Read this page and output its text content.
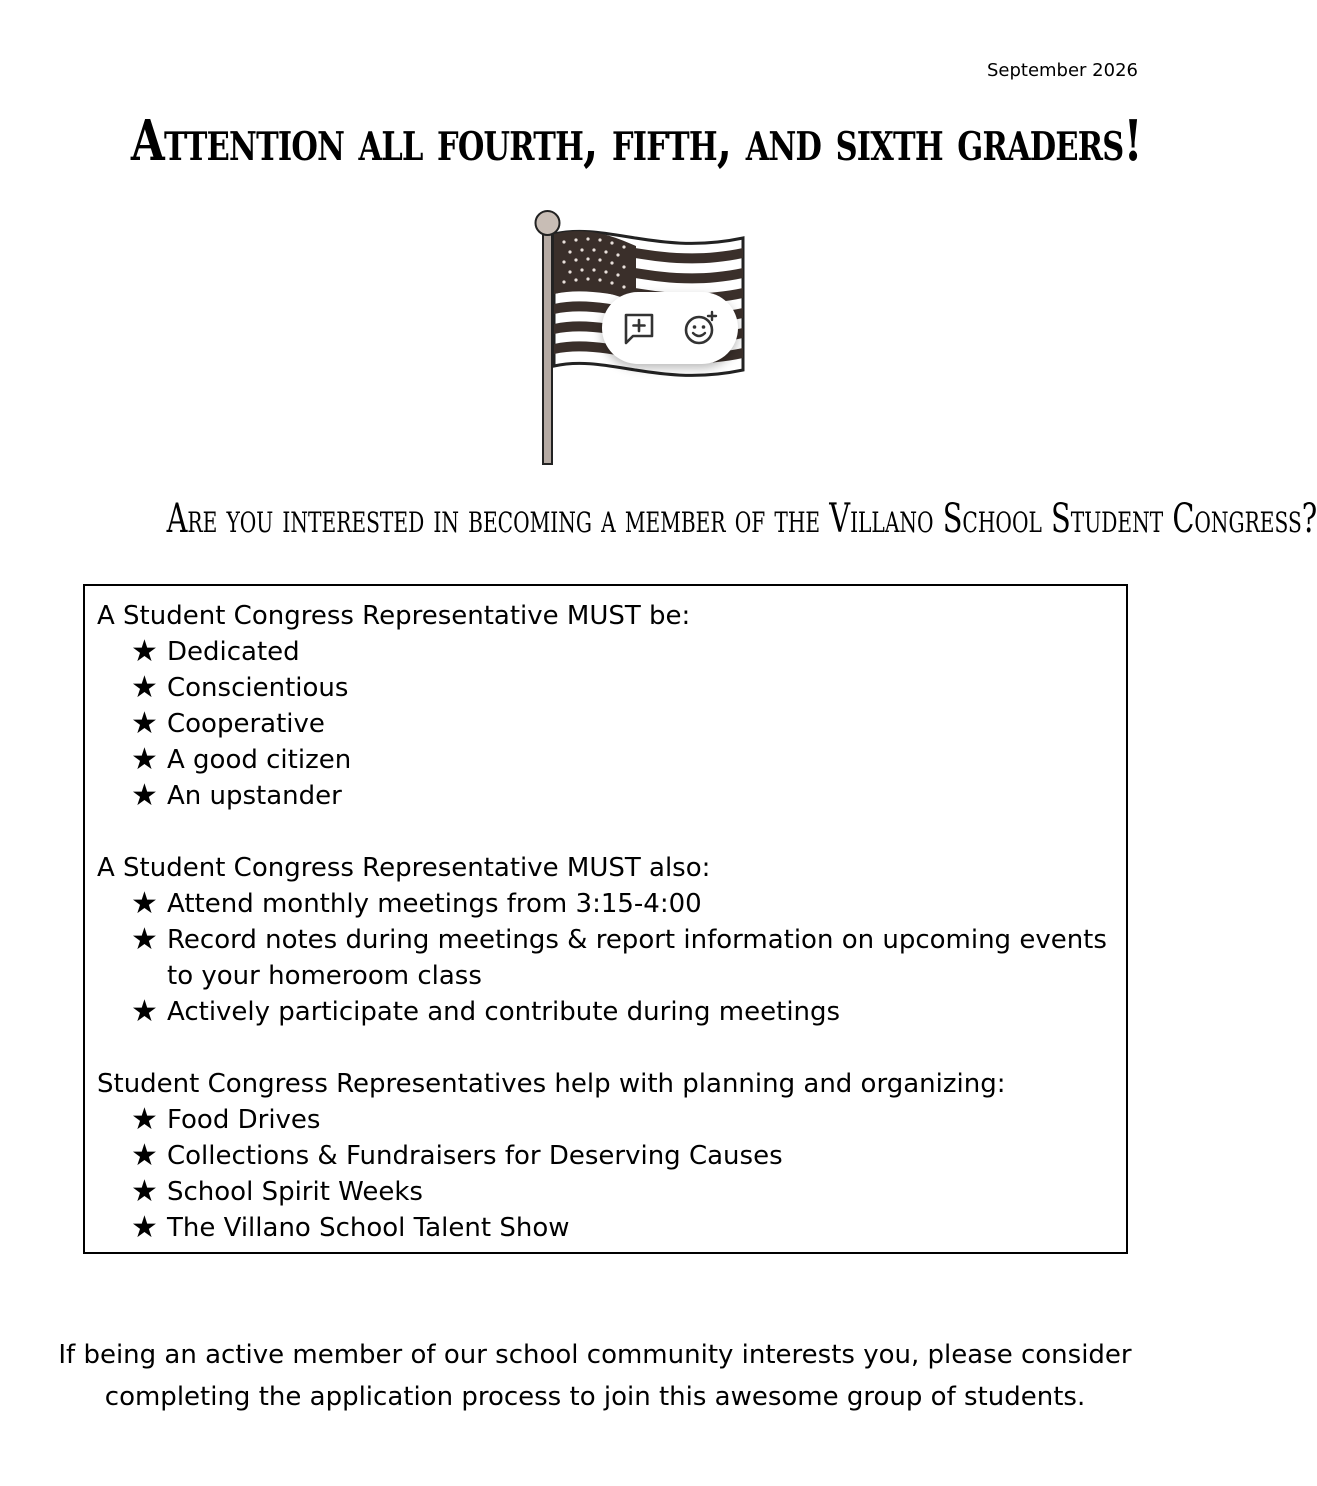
September 2026
Attention all fourth, fifth, and sixth graders!
Are you interested in becoming a member of the Villano School Student Congress?
A Student Congress Representative MUST be:
★ Dedicated
★ Conscientious
★ Cooperative
★ A good citizen
★ An upstander
A Student Congress Representative MUST also:
★ Attend monthly meetings from 3:15-4:00
★ Record notes during meetings & report information on upcoming events to your homeroom class
★ Actively participate and contribute during meetings
Student Congress Representatives help with planning and organizing:
★ Food Drives
★ Collections & Fundraisers for Deserving Causes
★ School Spirit Weeks
★ The Villano School Talent Show
If being an active member of our school community interests you, please consider completing the application process to join this awesome group of students.
